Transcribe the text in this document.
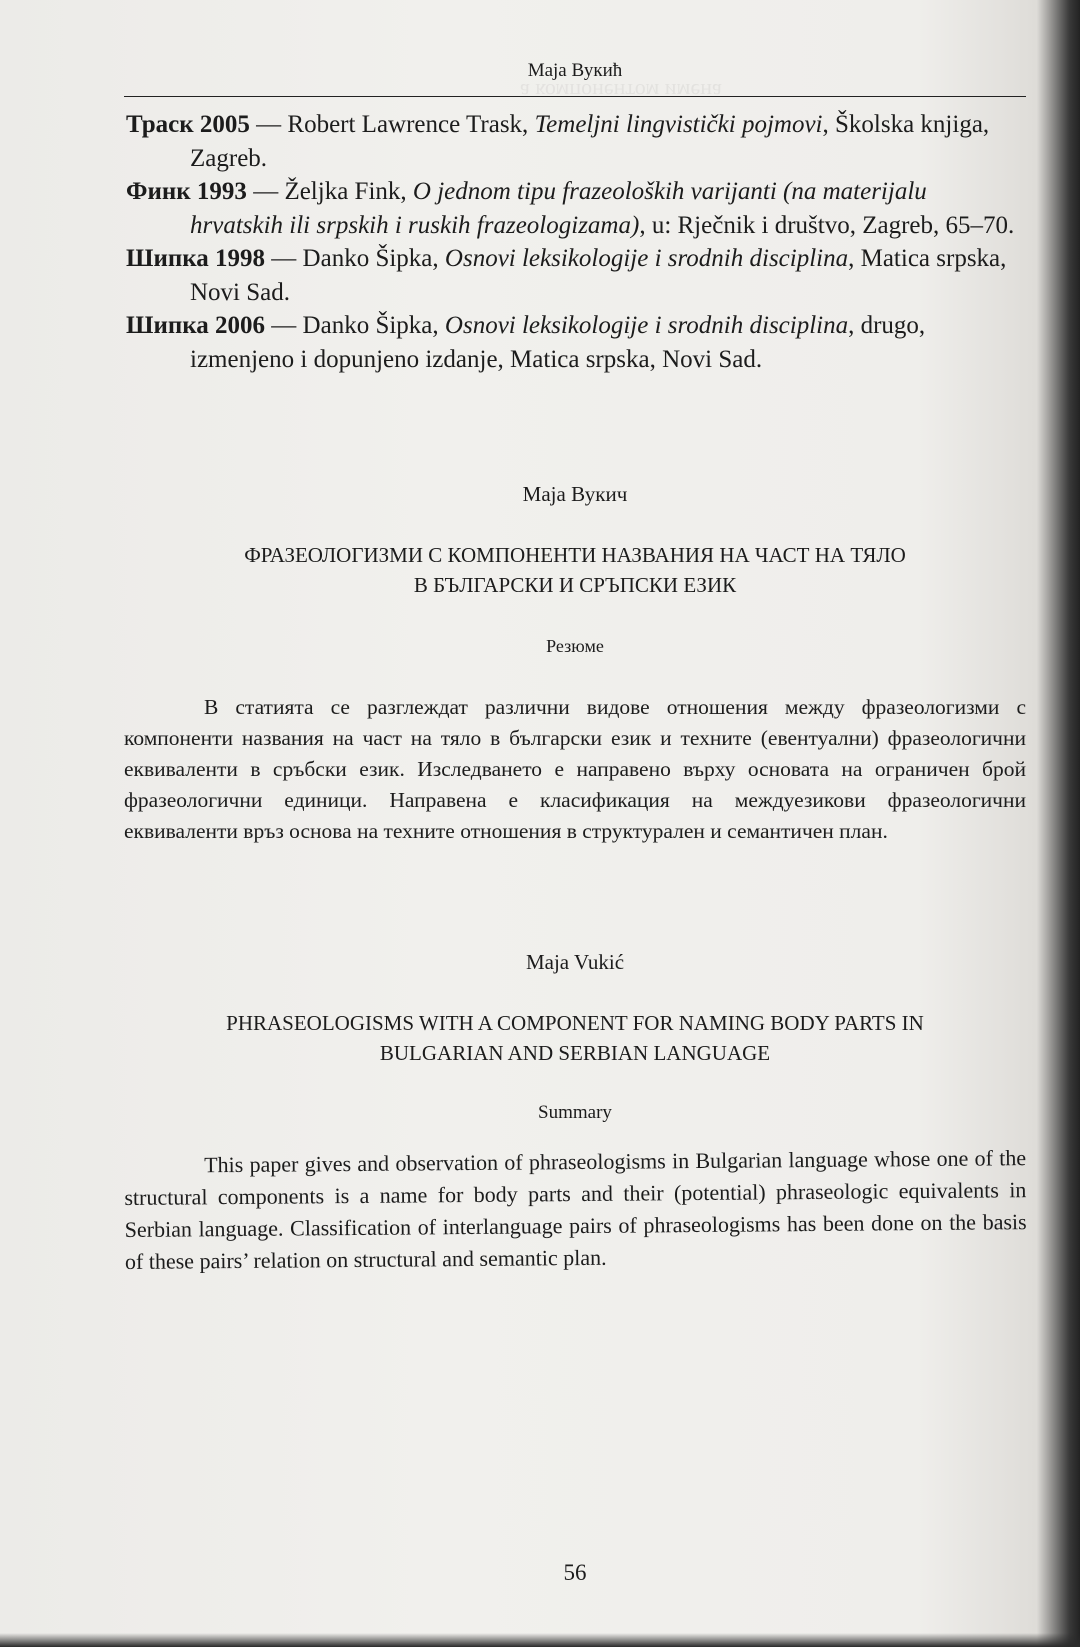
а компонентом имена
Маја Вукић

Траск 2005 — Robert Lawrence Trask, Temeljni lingvistički pojmovi, Školska knjiga, Zagreb.

Финк 1993 — Željka Fink, O jednom tipu frazeoloških varijanti (na materijalu hrvatskih ili srpskih i ruskih frazeologizama), u: Rječnik i društvo, Zagreb, 65–70.

Шипка 1998 — Danko Šipka, Osnovi leksikologije i srodnih disciplina, Matica srpska, Novi Sad.

Шипка 2006 — Danko Šipka, Osnovi leksikologije i srodnih disciplina, drugo, izmenjeno i dopunjeno izdanje, Matica srpska, Novi Sad.

Маја Вукич

ФРАЗЕОЛОГИЗМИ С КОМПОНЕНТИ НАЗВАНИЯ НА ЧАСТ НА ТЯЛО
В БЪЛГАРСКИ И СРЪПСКИ ЕЗИК

Резюме

В статията се разглеждат различни видове отношения между фразеологизми с компоненти названия на част на тяло в български език и техните (евентуални) фразеологични еквиваленти в сръбски език. Изследването е направено върху основата на ограничен брой фразеологични единици. Направена е класификация на междуезикови фразеологични еквиваленти връз основа на техните отношения в структурален и семантичен план.

Maja Vukić

PHRASEOLOGISMS WITH A COMPONENT FOR NAMING BODY PARTS IN
BULGARIAN AND SERBIAN LANGUAGE

Summary

This paper gives and observation of phraseologisms in Bulgarian language whose one of the structural components is a name for body parts and their (potential) phraseologic equivalents in Serbian language. Classification of interlanguage pairs of phraseologisms has been done on the basis of these pairs’ relation on structural and semantic plan.

56
